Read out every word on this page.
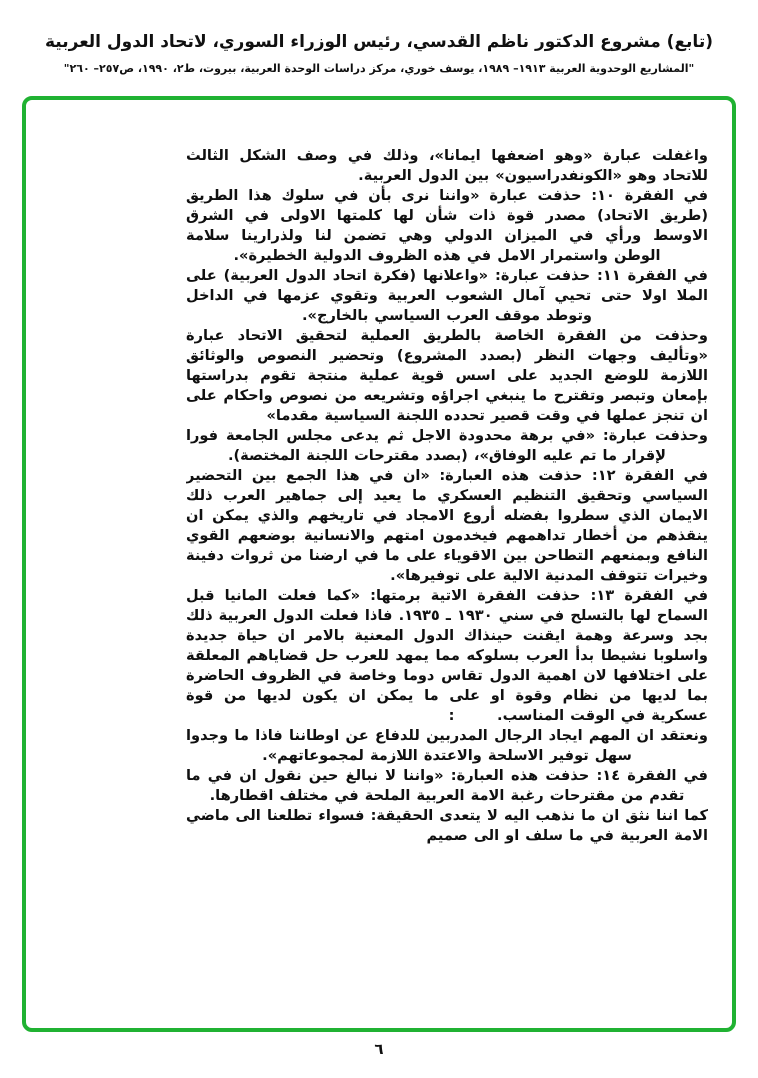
(تابع) مشروع الدكتور ناظم القدسي، رئيس الوزراء السوري، لاتحاد الدول العربية
"المشاريع الوحدوية العربية ١٩١٣– ١٩٨٩، يوسف خوري، مركز دراسات الوحدة العربية، بيروت، ط٢، ١٩٩٠، ص٢٥٧– ٢٦٠"

واغفلت عبارة «وهو اضعفها ايمانا»، وذلك في وصف الشكل الثالث للاتحاد وهو «الكونفدراسيون» بين الدول العربية.

في الفقرة ١٠: حذفت عبارة «واننا نرى بأن في سلوك هذا الطريق (طريق الاتحاد) مصدر قوة ذات شأن لها كلمتها الاولى في الشرق الاوسط ورأي في الميزان الدولي وهي تضمن لنا ولذرارينا سلامة الوطن واستمرار الامل في هذه الظروف الدولية الخطيرة».

في الفقرة ١١: حذفت عبارة: «واعلانها (فكرة اتحاد الدول العربية) على الملا اولا حتى تحيي آمال الشعوب العربية وتقوي عزمها في الداخل وتوطد موقف العرب السياسي بالخارج».

وحذفت من الفقرة الخاصة بالطريق العملية لتحقيق الاتحاد عبارة «وتأليف وجهات النظر (بصدد المشروع) وتحضير النصوص والوثائق اللازمة للوضع الجديد على اسس قوية عملية منتجة تقوم بدراستها بإمعان وتبصر وتقترح ما ينبغي اجراؤه وتشريعه من نصوص واحكام على ان تنجز عملها في وقت قصير تحدده اللجنة السياسية مقدما»

وحذفت عبارة: «في برهة محدودة الاجل ثم يدعى مجلس الجامعة فورا لإقرار ما تم عليه الوفاق»، (بصدد مقترحات اللجنة المختصة).

في الفقرة ١٢: حذفت هذه العبارة: «ان في هذا الجمع بين التحضير السياسي وتحقيق التنظيم العسكري ما يعيد إلى جماهير العرب ذلك الايمان الذي سطروا بفضله أروع الامجاد في تاريخهم والذي يمكن ان ينقذهم من أخطار تداهمهم فيخدمون امتهم والانسانية بوضعهم القوي النافع وبمنعهم التطاحن بين الاقوياء على ما في ارضنا من ثروات دفينة وخيرات تتوقف المدنية الالية على توفيرها».

في الفقرة ١٣: حذفت الفقرة الاتية برمتها: «كما فعلت المانيا قبل السماح لها بالتسلح في سني ١٩٣٠ ـ ١٩٣٥. فاذا فعلت الدول العربية ذلك بجد وسرعة وهمة ايقنت حينذاك الدول المعنية بالامر ان حياة جديدة واسلوبا نشيطا بدأ العرب بسلوكه مما يمهد للعرب حل قضاياهم المعلقة على اختلافها لان اهمية الدول تقاس دوما وخاصة في الظروف الحاضرة بما لديها من نظام وقوة او على ما يمكن ان يكون لديها من قوة عسكرية في الوقت المناسب.       :

ونعتقد ان المهم ايجاد الرجال المدربين للدفاع عن اوطاننا فاذا ما وجدوا سهل توفير الاسلحة والاعتدة اللازمة لمجموعاتهم».

في الفقرة ١٤: حذفت هذه العبارة: «واننا لا نبالغ حين نقول ان في ما تقدم من مقترحات رغبة الامة العربية الملحة في مختلف اقطارها.

كما اننا نثق ان ما نذهب اليه لا يتعدى الحقيقة: فسواء تطلعنا الى ماضي الامة العربية في ما سلف او الى صميم

٦
